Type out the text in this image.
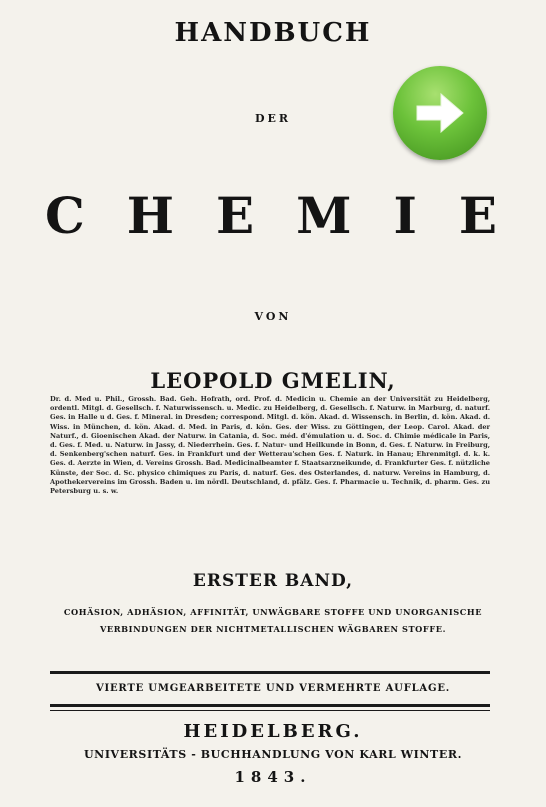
HANDBUCH
DER
CHEMIE
VON
LEOPOLD GMELIN,
Dr. d. Med u. Phil., Grossh. Bad. Geh. Hofrath, ord. Prof. d. Medicin u. Chemie an der Universität zu Heidelberg, ordentl. Mitgl. d. Gesellsch. f. Naturwissensch. u. Medic. zu Heidelberg, d. Gesellsch. f. Naturw. in Marburg, d. naturf. Ges. in Halle u d. Ges. f. Mineral. in Dresden; correspond. Mitgl. d. kön. Akad. d. Wissensch. in Berlin, d. kön. Akad. d. Wiss. in München, d. kön. Akad. d. Med. in Paris, d. kön. Ges. der Wiss. zu Göttingen, der Leop. Carol. Akad. der Naturf., d. Gioenischen Akad. der Naturw. in Catania, d. Soc. méd. d'émulation u. d. Soc. d. Chimie médicale in Paris, d. Ges. f. Med. u. Naturw. in Jassy, d. Niederrhein. Ges. f. Natur- und Heilkunde in Bonn, d. Ges. f. Naturw. in Freiburg, d. Senkenberg'schen naturf. Ges. in Frankfurt und der Wetterau'schen Ges. f. Naturk. in Hanau; Ehrenmitgl. d. k. k. Ges. d. Aerzte in Wien, d. Vereins Grossh. Bad. Medicinalbeamter f. Staatsarzneikunde, d. Frankfurter Ges. f. nützliche Künste, der Soc. d. Sc. physico chimiques zu Paris, d. naturf. Ges. des Osterlandes, d. naturw. Vereins in Hamburg, d. Apothekervereins im Grossh. Baden u. im nördl. Deutschland, d. pfälz. Ges. f. Pharmacie u. Technik, d. pharm. Ges. zu Petersburg u. s. w.
ERSTER BAND,
COHÄSION, ADHÄSION, AFFINITÄT, UNWÄGBARE STOFFE UND UNORGANISCHE
VERBINDUNGEN DER NICHTMETALLISCHEN WÄGBAREN STOFFE.
VIERTE UMGEARBEITETE UND VERMEHRTE AUFLAGE.
HEIDELBERG.
UNIVERSITÄTS - BUCHHANDLUNG VON KARL WINTER.
1843.
